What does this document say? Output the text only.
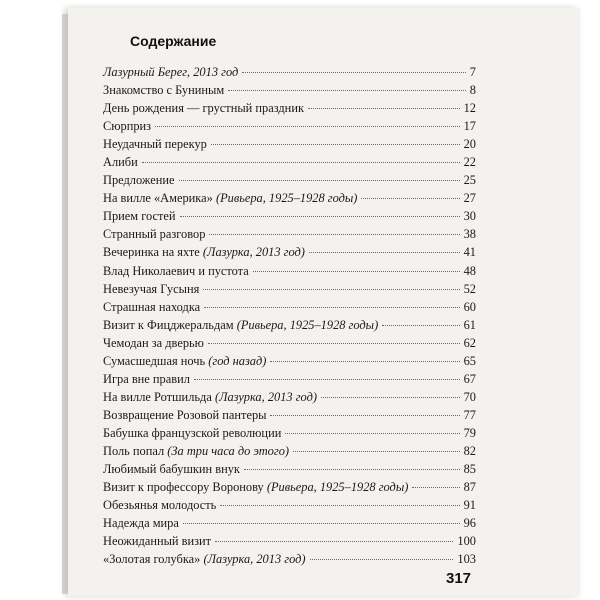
Содержание
Лазурный Берег, 2013 год	7
Знакомство с Буниным	8
День рождения — грустный праздник	12
Сюрприз	17
Неудачный перекур	20
Алиби	22
Предложение	25
На вилле «Америка» (Ривьера, 1925–1928 годы)	27
Прием гостей	30
Странный разговор	38
Вечеринка на яхте (Лазурка, 2013 год)	41
Влад Николаевич и пустота	48
Невезучая Гусыня	52
Страшная находка	60
Визит к Фицджеральдам (Ривьера, 1925–1928 годы)	61
Чемодан за дверью	62
Сумасшедшая ночь (год назад)	65
Игра вне правил	67
На вилле Ротшильда (Лазурка, 2013 год)	70
Возвращение Розовой пантеры	77
Бабушка французской революции	79
Поль попал (За три часа до этого)	82
Любимый бабушкин внук	85
Визит к профессору Воронову (Ривьера, 1925–1928 годы)	87
Обезьянья молодость	91
Надежда мира	96
Неожиданный визит	100
«Золотая голубка» (Лазурка, 2013 год)	103
317
